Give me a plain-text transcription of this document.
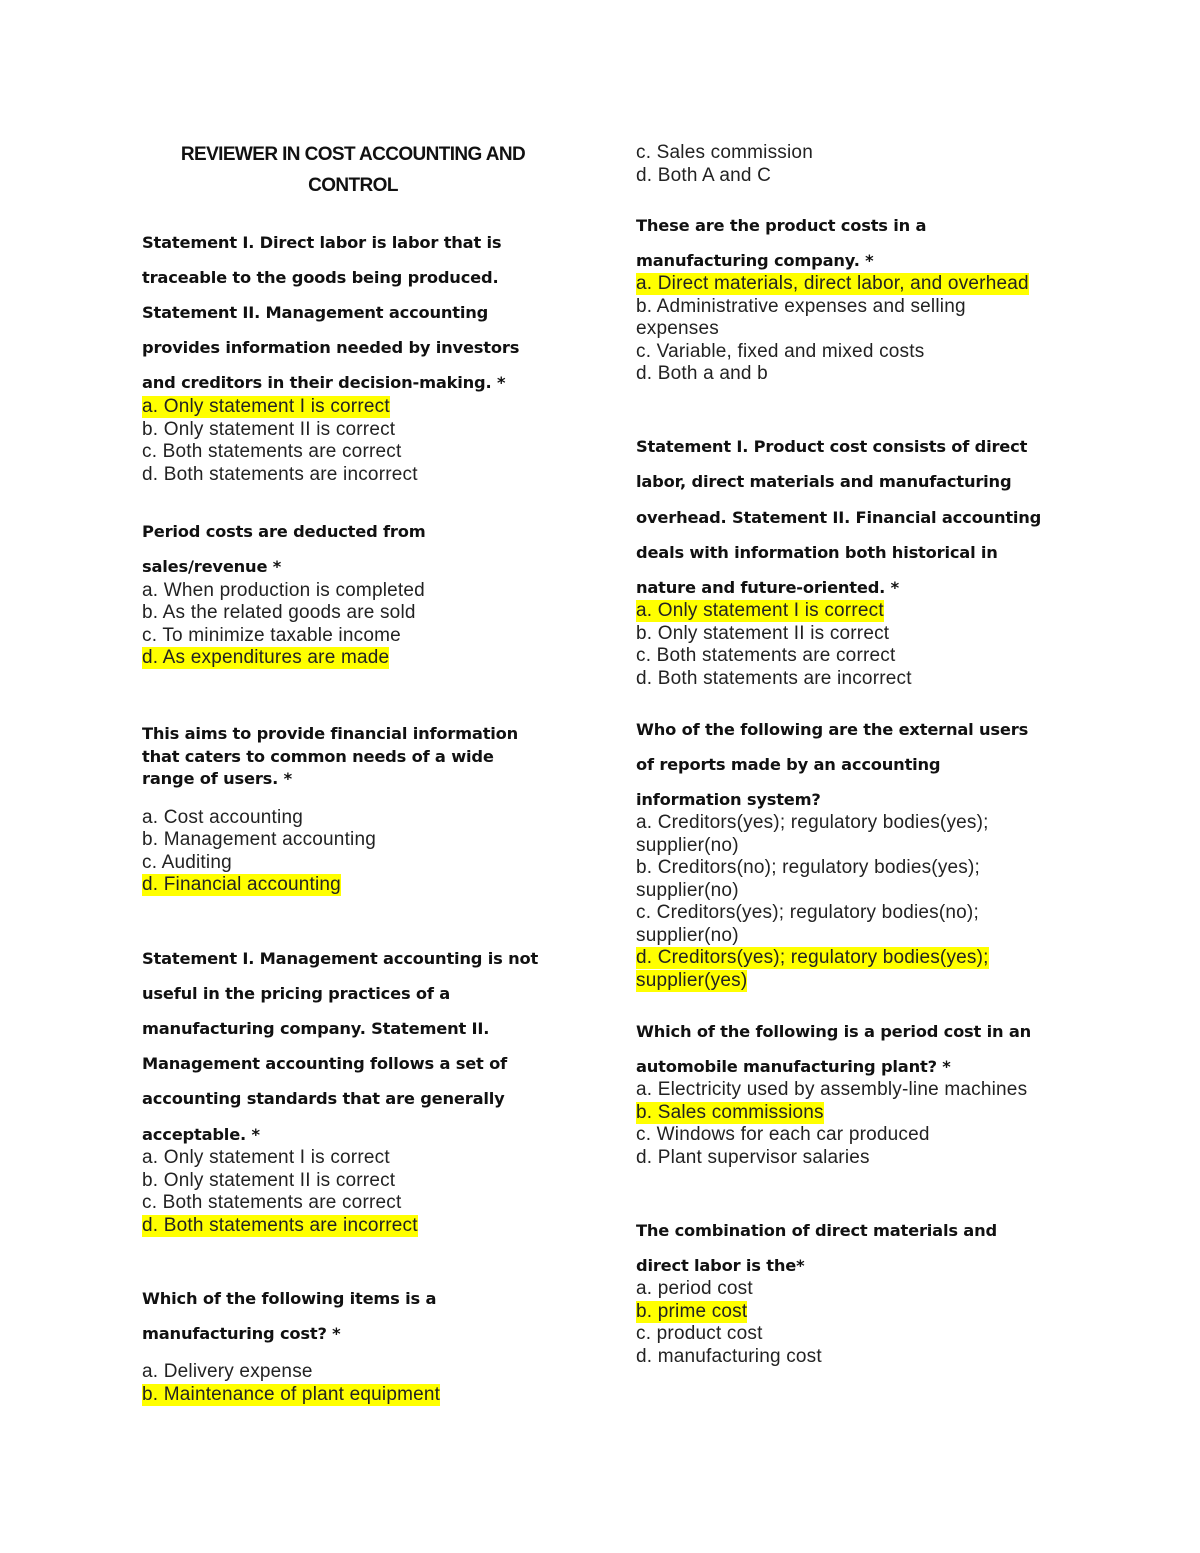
REVIEWER IN COST ACCOUNTING AND
CONTROL
Statement I. Direct labor is labor that is
traceable to the goods being produced.
Statement II. Management accounting
provides information needed by investors
and creditors in their decision-making. *
a. Only statement I is correct
b. Only statement II is correct
c. Both statements are correct
d. Both statements are incorrect
Period costs are deducted from
sales/revenue *
a. When production is completed
b. As the related goods are sold
c. To minimize taxable income
d. As expenditures are made
This aims to provide financial information
that caters to common needs of a wide
range of users. *
a. Cost accounting
b. Management accounting
c. Auditing
d. Financial accounting
Statement I. Management accounting is not
useful in the pricing practices of a
manufacturing company. Statement II.
Management accounting follows a set of
accounting standards that are generally
acceptable. *
a. Only statement I is correct
b. Only statement II is correct
c. Both statements are correct
d. Both statements are incorrect
Which of the following items is a
manufacturing cost? *
a. Delivery expense
b. Maintenance of plant equipment
c. Sales commission
d. Both A and C
These are the product costs in a
manufacturing company. *
a. Direct materials, direct labor, and overhead
b. Administrative expenses and selling
expenses
c. Variable, fixed and mixed costs
d. Both a and b
Statement I. Product cost consists of direct
labor, direct materials and manufacturing
overhead. Statement II. Financial accounting
deals with information both historical in
nature and future-oriented. *
a. Only statement I is correct
b. Only statement II is correct
c. Both statements are correct
d. Both statements are incorrect
Who of the following are the external users
of reports made by an accounting
information system?
a. Creditors(yes); regulatory bodies(yes);
supplier(no)
b. Creditors(no); regulatory bodies(yes);
supplier(no)
c. Creditors(yes); regulatory bodies(no);
supplier(no)
d. Creditors(yes); regulatory bodies(yes);
supplier(yes)
Which of the following is a period cost in an
automobile manufacturing plant? *
a. Electricity used by assembly-line machines
b. Sales commissions
c. Windows for each car produced
d. Plant supervisor salaries
The combination of direct materials and
direct labor is the*
a. period cost
b. prime cost
c. product cost
d. manufacturing cost
